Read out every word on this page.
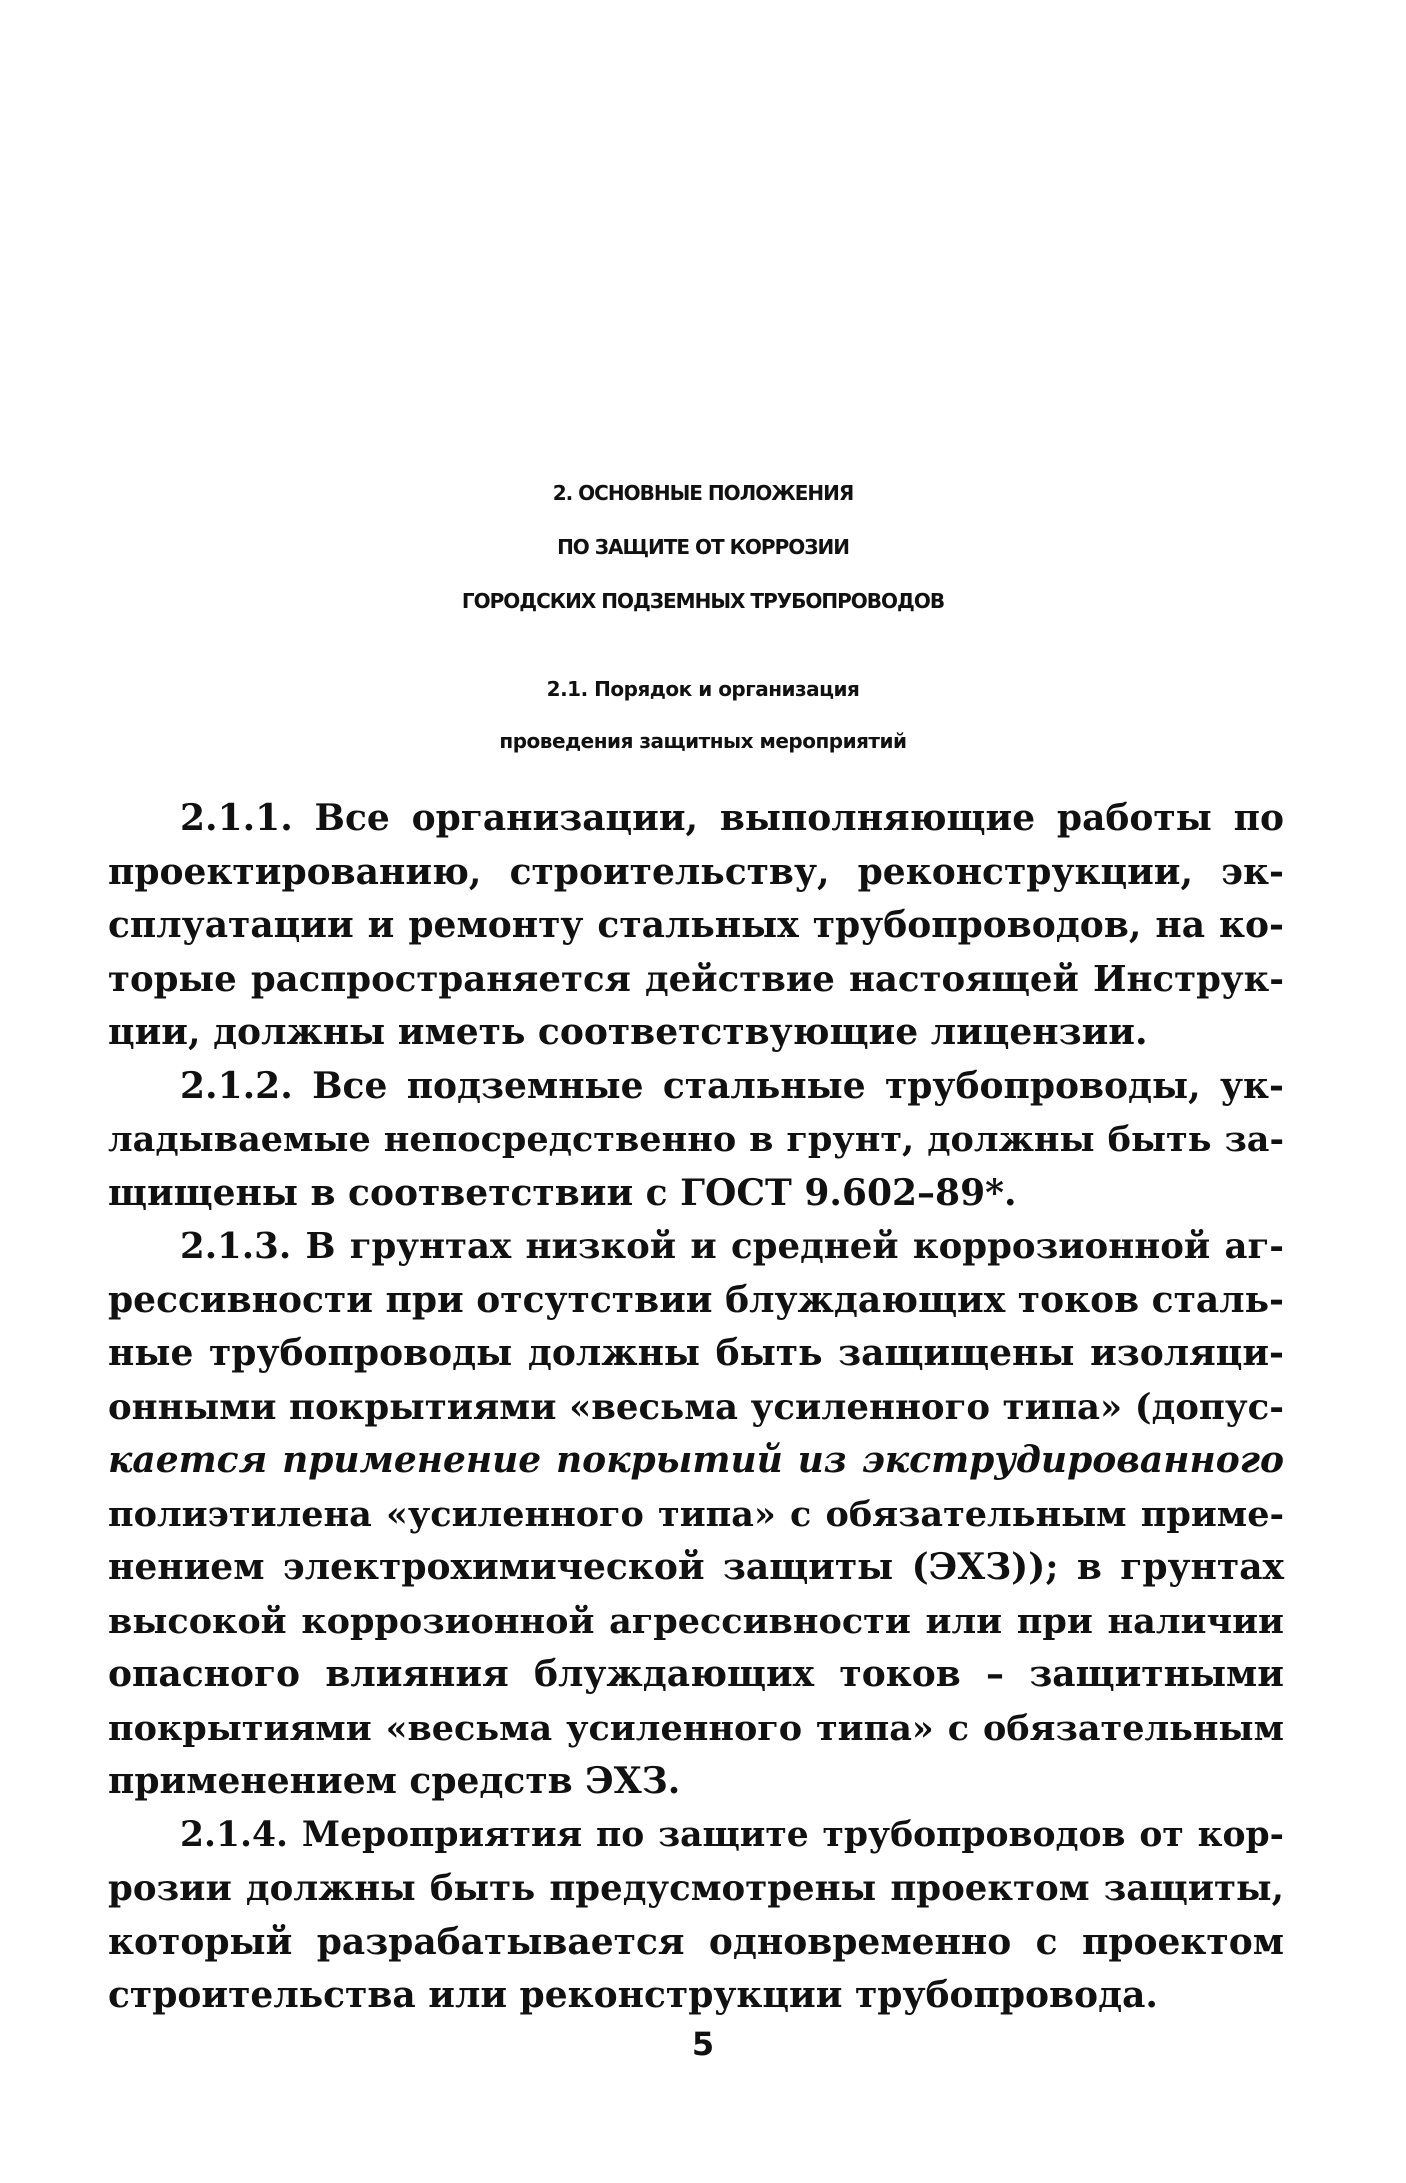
2. ОСНОВНЫЕ ПОЛОЖЕНИЯ
ПО ЗАЩИТЕ ОТ КОРРОЗИИ
ГОРОДСКИХ ПОДЗЕМНЫХ ТРУБОПРОВОДОВ
2.1. Порядок и организация
проведения защитных мероприятий
2.1.1. Все организации, выполняющие работы по
проектированию, строительству, реконструкции, эк-
сплуатации и ремонту стальных трубопроводов, на ко-
торые распространяется действие настоящей Инструк-
ции, должны иметь соответствующие лицензии.
2.1.2. Все подземные стальные трубопроводы, ук-
ладываемые непосредственно в грунт, должны быть за-
щищены в соответствии с ГОСТ 9.602–89*.
2.1.3. В грунтах низкой и средней коррозионной аг-
рессивности при отсутствии блуждающих токов сталь-
ные трубопроводы должны быть защищены изоляци-
онными покрытиями «весьма усиленного типа» (допус-
кается применение покрытий из экструдированного
полиэтилена «усиленного типа» с обязательным приме-
нением электрохимической защиты (ЭХЗ)); в грунтах
высокой коррозионной агрессивности или при наличии
опасного влияния блуждающих токов – защитными
покрытиями «весьма усиленного типа» с обязательным
применением средств ЭХЗ.
2.1.4. Мероприятия по защите трубопроводов от кор-
розии должны быть предусмотрены проектом защиты,
который разрабатывается одновременно с проектом
строительства или реконструкции трубопровода.
5
